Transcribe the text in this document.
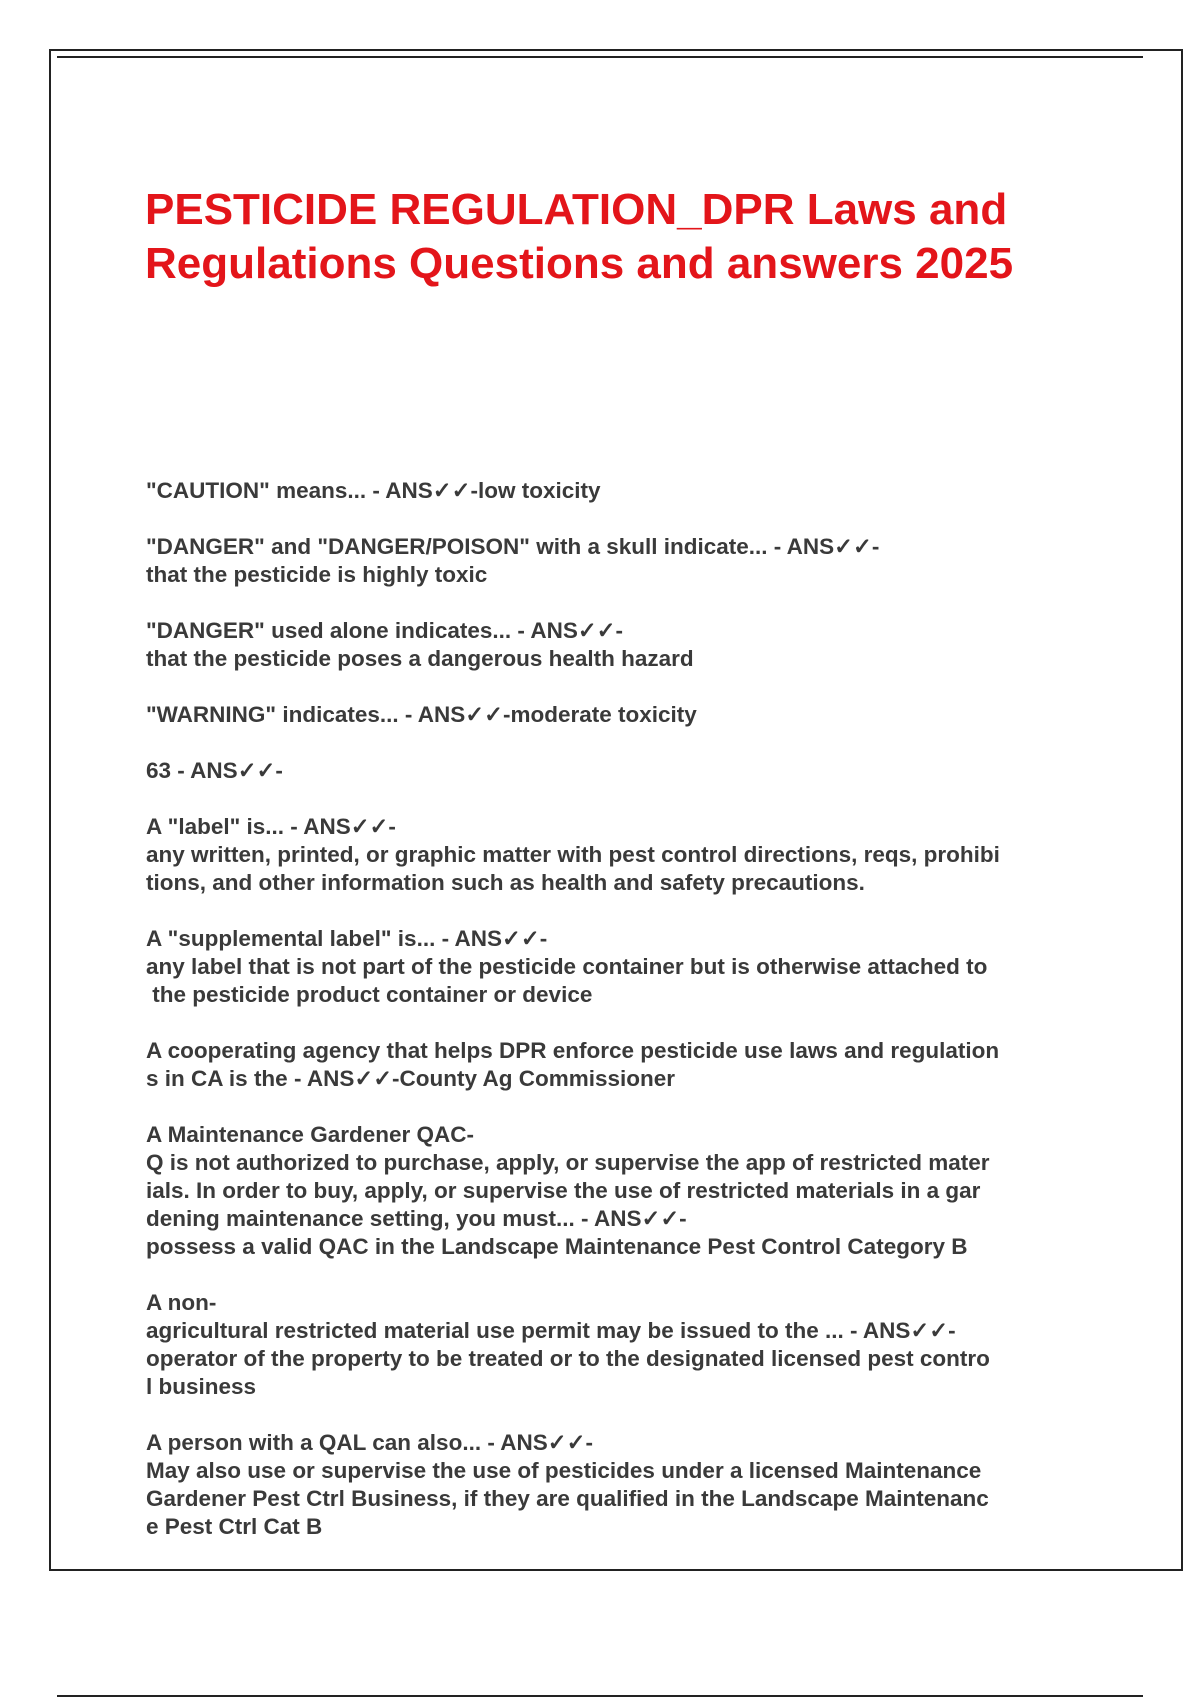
PESTICIDE REGULATION_DPR Laws and
Regulations Questions and answers 2025
"CAUTION" means... - ANS✓✓-low toxicity
"DANGER" and "DANGER/POISON" with a skull indicate... - ANS✓✓-
that the pesticide is highly toxic
"DANGER" used alone indicates... - ANS✓✓-
that the pesticide poses a dangerous health hazard
"WARNING" indicates... - ANS✓✓-moderate toxicity
63 - ANS✓✓-
A "label" is... - ANS✓✓-
any written, printed, or graphic matter with pest control directions, reqs, prohibi
tions, and other information such as health and safety precautions.
A "supplemental label" is... - ANS✓✓-
any label that is not part of the pesticide container but is otherwise attached to
the pesticide product container or device
A cooperating agency that helps DPR enforce pesticide use laws and regulation
s in CA is the - ANS✓✓-County Ag Commissioner
A Maintenance Gardener QAC-
Q is not authorized to purchase, apply, or supervise the app of restricted mater
ials. In order to buy, apply, or supervise the use of restricted materials in a gar
dening maintenance setting, you must... - ANS✓✓-
possess a valid QAC in the Landscape Maintenance Pest Control Category B
A non-
agricultural restricted material use permit may be issued to the ... - ANS✓✓-
operator of the property to be treated or to the designated licensed pest contro
l business
A person with a QAL can also... - ANS✓✓-
May also use or supervise the use of pesticides under a licensed Maintenance
Gardener Pest Ctrl Business, if they are qualified in the Landscape Maintenanc
e Pest Ctrl Cat B
